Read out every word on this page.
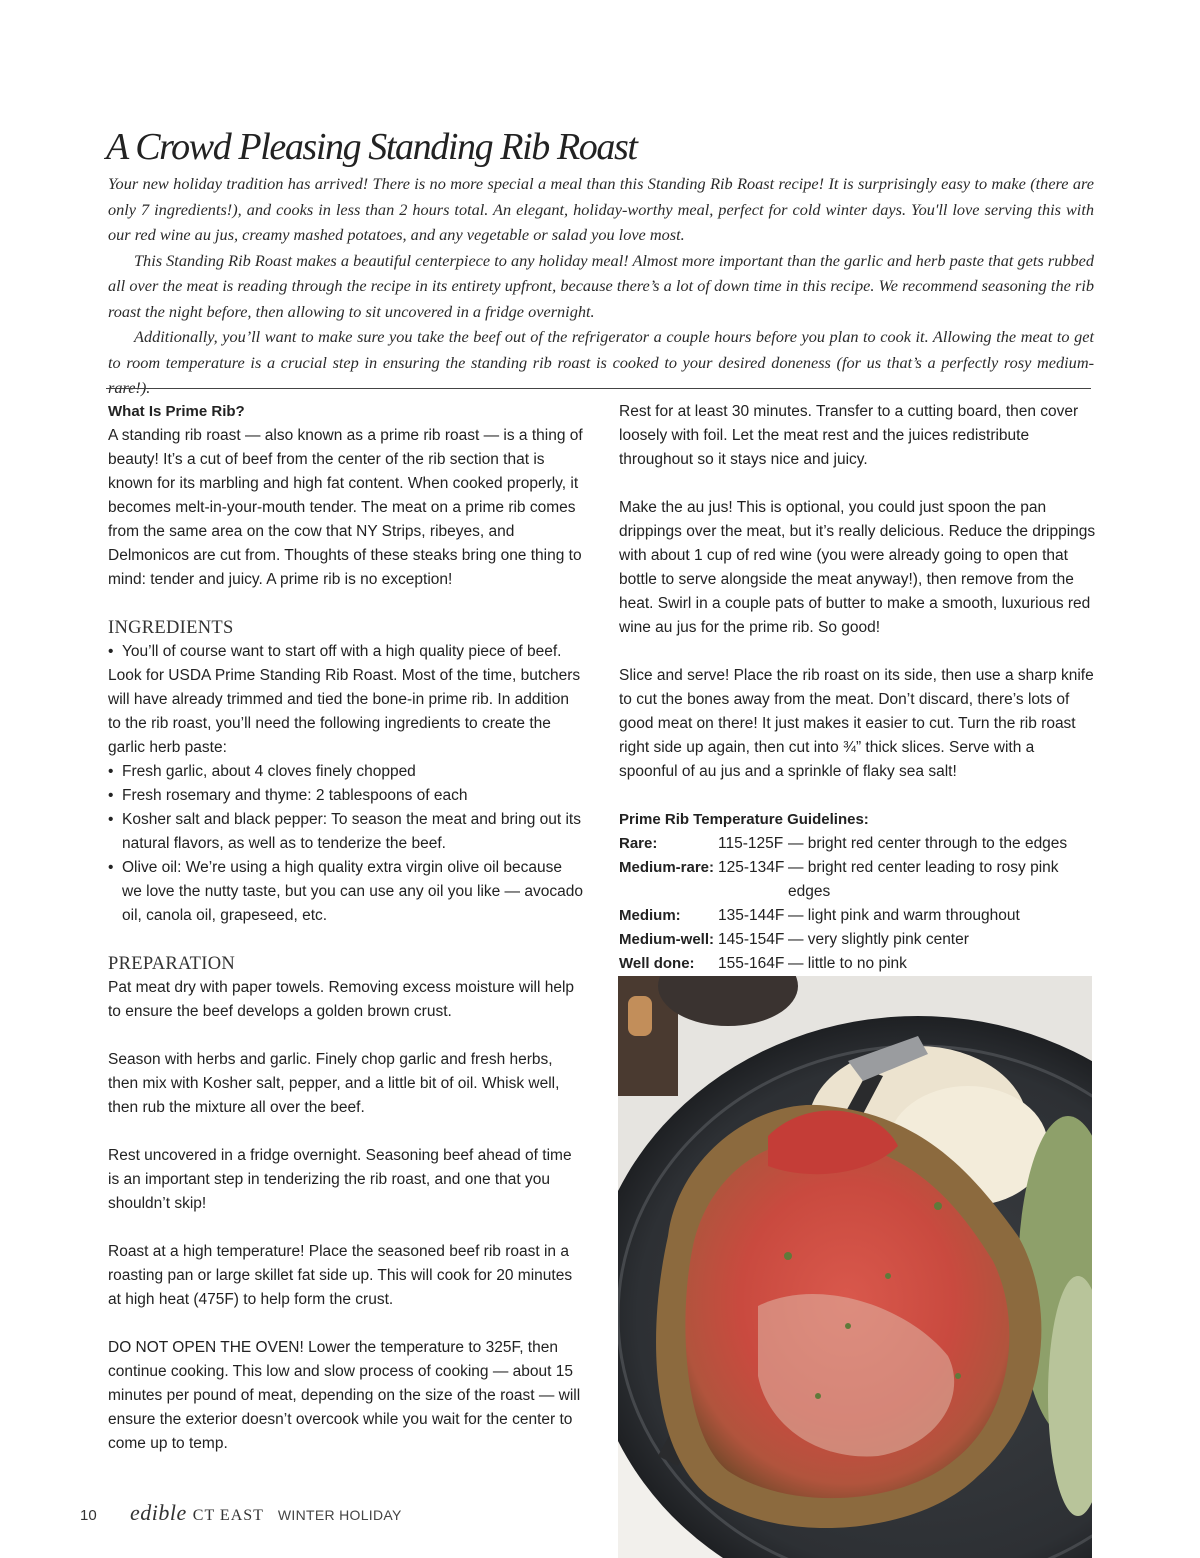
A Crowd Pleasing Standing Rib Roast

Your new holiday tradition has arrived! There is no more special a meal than this Standing Rib Roast recipe! It is surprisingly easy to make (there are only 7 ingredients!), and cooks in less than 2 hours total. An elegant, holiday-worthy meal, perfect for cold winter days. You'll love serving this with our red wine au jus, creamy mashed potatoes, and any vegetable or salad you love most.

This Standing Rib Roast makes a beautiful centerpiece to any holiday meal! Almost more important than the garlic and herb paste that gets rubbed all over the meat is reading through the recipe in its entirety upfront, because there’s a lot of down time in this recipe. We recommend seasoning the rib roast the night before, then allowing to sit uncovered in a fridge overnight.

Additionally, you’ll want to make sure you take the beef out of the refrigerator a couple hours before you plan to cook it. Allowing the meat to get to room temperature is a crucial step in ensuring the standing rib roast is cooked to your desired doneness (for us that’s a perfectly rosy medium-rare!).

What Is Prime Rib?

A standing rib roast — also known as a prime rib roast — is a thing of beauty! It’s a cut of beef from the center of the rib section that is known for its marbling and high fat content. When cooked properly, it becomes melt-in-your-mouth tender. The meat on a prime rib comes from the same area on the cow that NY Strips, ribeyes, and Delmonicos are cut from. Thoughts of these steaks bring one thing to mind: tender and juicy. A prime rib is no exception!

INGREDIENTS

• You’ll of course want to start off with a high quality piece of beef.

Look for USDA Prime Standing Rib Roast. Most of the time, butchers will have already trimmed and tied the bone-in prime rib. In addition to the rib roast, you’ll need the following ingredients to create the garlic herb paste:

• Fresh garlic, about 4 cloves finely chopped
• Fresh rosemary and thyme: 2 tablespoons of each
• Kosher salt and black pepper: To season the meat and bring out its natural flavors, as well as to tenderize the beef.
• Olive oil: We’re using a high quality extra virgin olive oil because we love the nutty taste, but you can use any oil you like — avocado oil, canola oil, grapeseed, etc.

PREPARATION

Pat meat dry with paper towels. Removing excess moisture will help to ensure the beef develops a golden brown crust.

Season with herbs and garlic. Finely chop garlic and fresh herbs, then mix with Kosher salt, pepper, and a little bit of oil. Whisk well, then rub the mixture all over the beef.

Rest uncovered in a fridge overnight. Seasoning beef ahead of time is an important step in tenderizing the rib roast, and one that you shouldn’t skip!

Roast at a high temperature! Place the seasoned beef rib roast in a roasting pan or large skillet fat side up. This will cook for 20 minutes at high heat (475F) to help form the crust.

DO NOT OPEN THE OVEN! Lower the temperature to 325F, then continue cooking. This low and slow process of cooking — about 15 minutes per pound of meat, depending on the size of the roast — will ensure the exterior doesn’t overcook while you wait for the center to come up to temp.

Rest for at least 30 minutes. Transfer to a cutting board, then cover loosely with foil. Let the meat rest and the juices redistribute throughout so it stays nice and juicy.

Make the au jus! This is optional, you could just spoon the pan drippings over the meat, but it’s really delicious. Reduce the drippings with about 1 cup of red wine (you were already going to open that bottle to serve alongside the meat anyway!), then remove from the heat. Swirl in a couple pats of butter to make a smooth, luxurious red wine au jus for the prime rib. So good!

Slice and serve! Place the rib roast on its side, then use a sharp knife to cut the bones away from the meat. Don’t discard, there’s lots of good meat on there! It just makes it easier to cut. Turn the rib roast right side up again, then cut into ¾” thick slices. Serve with a spoonful of au jus and a sprinkle of flaky sea salt!

Prime Rib Temperature Guidelines:

Rare:	115-125F	— bright red center through to the edges
Medium-rare:	125-134F	— bright red center leading to rosy pink edges
Medium:	135-144F	— light pink and warm throughout
Medium-well:	145-154F	— very slightly pink center
Well done:	155-164F	— little to no pink
10	edible CT EAST WINTER HOLIDAY
